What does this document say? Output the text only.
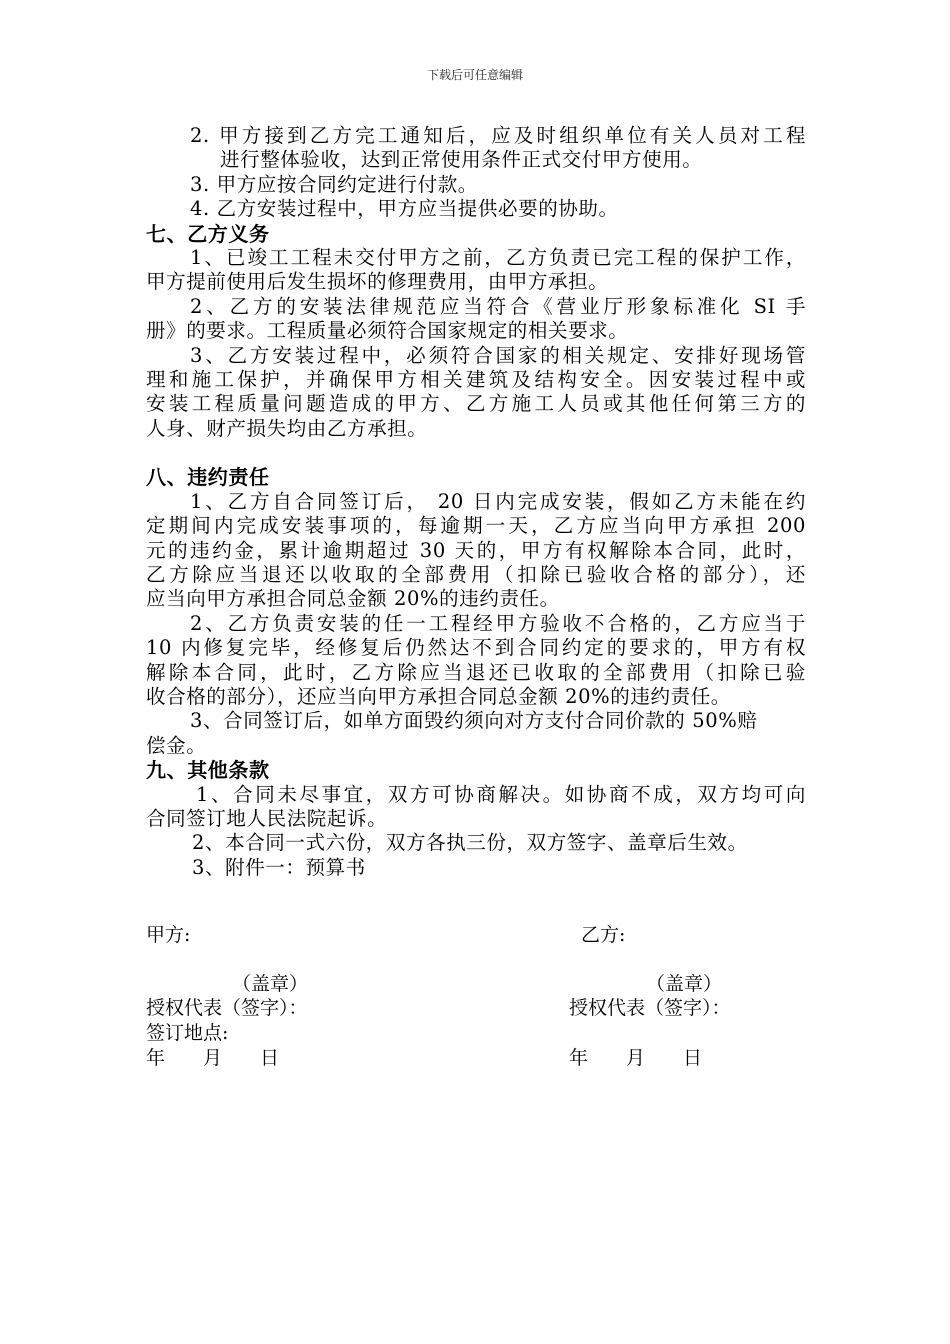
下载后可任意编辑
2. 甲方接到乙方完工通知后，应及时组织单位有关人员对工程
进行整体验收，达到正常使用条件正式交付甲方使用。
3. 甲方应按合同约定进行付款。
4. 乙方安装过程中，甲方应当提供必要的协助。
七、乙方义务
1、已竣工工程未交付甲方之前，乙方负责已完工程的保护工作，
甲方提前使用后发生损坏的修理费用，由甲方承担。
2、乙方的安装法律规范应当符合《营业厅形象标准化 SI 手
册》的要求。工程质量必须符合国家规定的相关要求。
3、乙方安装过程中，必须符合国家的相关规定、安排好现场管
理和施工保护，并确保甲方相关建筑及结构安全。因安装过程中或
安装工程质量问题造成的甲方、乙方施工人员或其他任何第三方的
人身、财产损失均由乙方承担。
八、违约责任
1、乙方自合同签订后， 20 日内完成安装，假如乙方未能在约
定期间内完成安装事项的，每逾期一天，乙方应当向甲方承担 200
元的违约金，累计逾期超过 30 天的，甲方有权解除本合同，此时，
乙方除应当退还以收取的全部费用（扣除已验收合格的部分），还
应当向甲方承担合同总金额 20%的违约责任。
2、乙方负责安装的任一工程经甲方验收不合格的，乙方应当于
10 内修复完毕，经修复后仍然达不到合同约定的要求的，甲方有权
解除本合同，此时，乙方除应当退还已收取的全部费用（扣除已验
收合格的部分），还应当向甲方承担合同总金额 20%的违约责任。
3、合同签订后，如单方面毁约须向对方支付合同价款的 50%赔
偿金。
九、其他条款
1、合同未尽事宜，双方可协商解决。如协商不成，双方均可向
合同签订地人民法院起诉。
2、本合同一式六份，双方各执三份，双方签字、盖章后生效。
3、附件一：预算书
甲方:	乙方:
（盖章）	（盖章）
授权代表（签字）：	授权代表（签字）：
签订地点:
年　　月　　日	年　　月　　日
